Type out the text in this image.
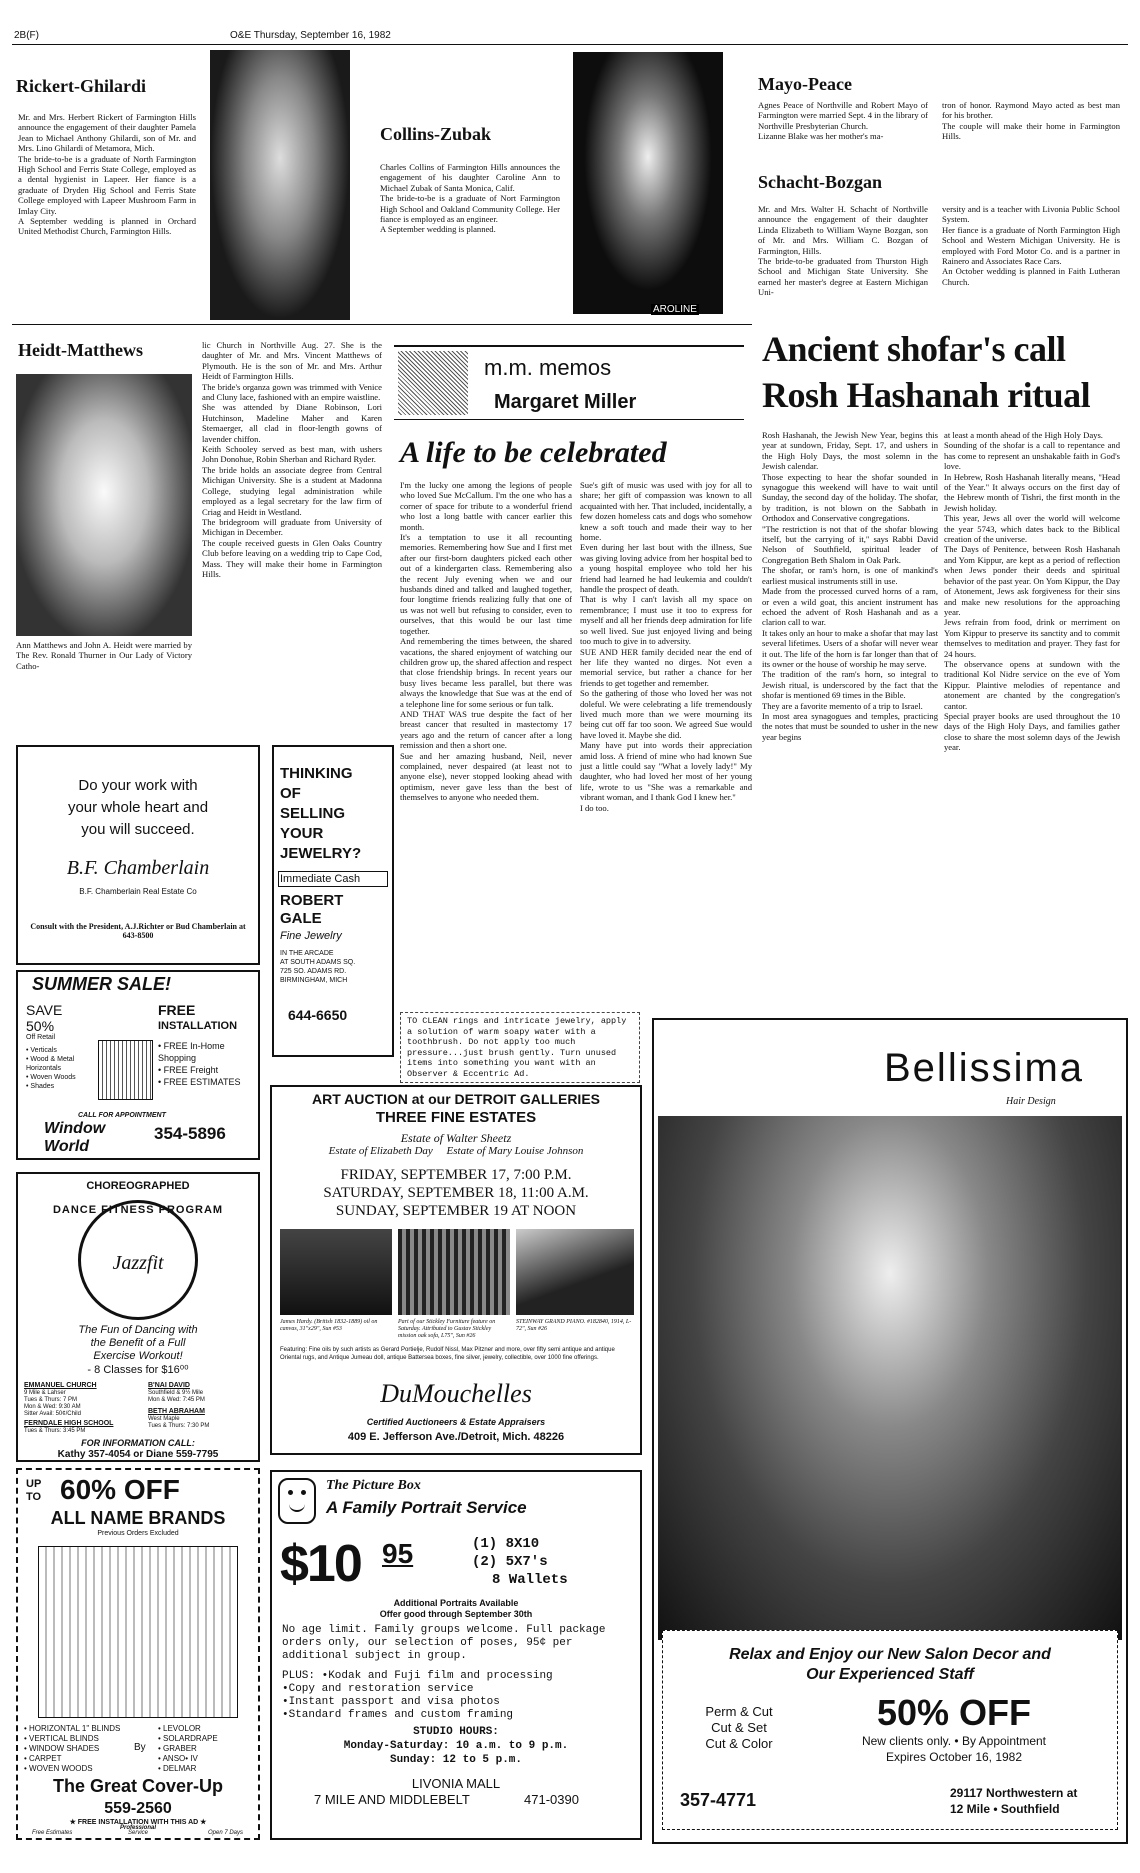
2B(F)	O&E Thursday, September 16, 1982
Rickert-Ghilardi
Mr. and Mrs. Herbert Rickert of Farmington Hills announce the engagement of their daughter Pamela Jean to Michael Anthony Ghilardi, son of Mr. and Mrs. Lino Ghilardi of Metamora, Mich.
The bride-to-be is a graduate of North Farmington High School and Ferris State College, employed as a dental hygienist in Lapeer. Her fiance is a graduate of Dryden Hig School and Ferris State College employed with Lapeer Mushroom Farm in Imlay City.
A September wedding is planned in Orchard United Methodist Church, Farmington Hills.
Collins-Zubak
Charles Collins of Farmington Hills announces the engagement of his daughter Caroline Ann to Michael Zubak of Santa Monica, Calif.
The bride-to-be is a graduate of Nort Farmington High School and Oakland Community College. Her fiance is employed as an engineer.
A September wedding is planned.
AROLINE
Mayo-Peace
Agnes Peace of Northville and Robert Mayo of Farmington were married Sept. 4 in the library of Northville Presbyterian Church.
Lizanne Blake was her mother's ma-
tron of honor. Raymond Mayo acted as best man for his brother.
The couple will make their home in Farmington Hills.
Schacht-Bozgan
Mr. and Mrs. Walter H. Schacht of Northville announce the engagement of their daughter Linda Elizabeth to William Wayne Bozgan, son of Mr. and Mrs. William C. Bozgan of Farmington, Hills.
The bride-to-be graduated from Thurston High School and Michigan State University. She earned her master's degree at Eastern Michigan Uni-
versity and is a teacher with Livonia Public School System.
Her fiance is a graduate of North Farmington High School and Western Michigan University. He is employed with Ford Motor Co. and is a partner in Rainero and Associates Race Cars.
An October wedding is planned in Faith Lutheran Church.
Heidt-Matthews
Ann Matthews and John A. Heidt were married by The Rev. Ronald Thurner in Our Lady of Victory Catho-
lic Church in Northville Aug. 27. She is the daughter of Mr. and Mrs. Vincent Matthews of Plymouth. He is the son of Mr. and Mrs. Arthur Heidt of Farmington Hills.
The bride's organza gown was trimmed with Venice and Cluny lace, fashioned with an empire waistline.
She was attended by Diane Robinson, Lori Hutchinson, Madeline Maher and Karen Stemaerger, all clad in floor-length gowns of lavender chiffon.
Keith Schooley served as best man, with ushers John Donohue, Robin Sherban and Richard Ryder.
The bride holds an associate degree from Central Michigan University. She is a student at Madonna College, studying legal administration while employed as a legal secretary for the law firm of Criag and Heidt in Westland.
The bridegroom will graduate from University of Michigan in December.
The couple received guests in Glen Oaks Country Club before leaving on a wedding trip to Cape Cod, Mass. They will make their home in Farmington Hills.
m.m. memos
Margaret Miller
A life to be celebrated
I'm the lucky one among the legions of people who loved Sue McCallum. I'm the one who has a corner of space for tribute to a wonderful friend who lost a long battle with cancer earlier this month.
It's a temptation to use it all recounting memories. Remembering how Sue and I first met after our first-born daughters picked each other out of a kindergarten class. Remembering also the recent July evening when we and our husbands dined and talked and laughed together, four longtime friends realizing fully that one of us was not well but refusing to consider, even to ourselves, that this would be our last time together.
And remembering the times between, the shared vacations, the shared enjoyment of watching our children grow up, the shared affection and respect that close friendship brings. In recent years our busy lives became less parallel, but there was always the knowledge that Sue was at the end of a telephone line for some serious or fun talk.
AND THAT WAS true despite the fact of her breast cancer that resulted in mastectomy 17 years ago and the return of cancer after a long remission and then a short one.
Sue and her amazing husband, Neil, never complained, never despaired (at least not to anyone else), never stopped looking ahead with optimism, never gave less than the best of themselves to anyone who needed them.
Sue's gift of music was used with joy for all to share; her gift of compassion was known to all acquainted with her. That included, incidentally, a few dozen homeless cats and dogs who somehow knew a soft touch and made their way to her home.
Even during her last bout with the illness, Sue was giving loving advice from her hospital bed to a young hospital employee who told her his friend had learned he had leukemia and couldn't handle the prospect of death.
That is why I can't lavish all my space on remembrance; I must use it too to express for myself and all her friends deep admiration for life so well lived. Sue just enjoyed living and being too much to give in to adversity.
SUE AND HER family decided near the end of her life they wanted no dirges. Not even a memorial service, but rather a chance for her friends to get together and remember.
So the gathering of those who loved her was not doleful. We were celebrating a life tremendously lived much more than we were mourning its being cut off far too soon. We agreed Sue would have loved it. Maybe she did.
Many have put into words their appreciation amid loss. A friend of mine who had known Sue just a little could say "What a lovely lady!" My daughter, who had loved her most of her young life, wrote to us "She was a remarkable and vibrant woman, and I thank God I knew her."
I do too.
Ancient shofar's call
Rosh Hashanah ritual
Rosh Hashanah, the Jewish New Year, begins this year at sundown, Friday, Sept. 17, and ushers in the High Holy Days, the most solemn in the Jewish calendar.
Those expecting to hear the shofar sounded in synagogue this weekend will have to wait until Sunday, the second day of the holiday. The shofar, by tradition, is not blown on the Sabbath in Orthodox and Conservative congregations.
"The restriction is not that of the shofar blowing itself, but the carrying of it," says Rabbi David Nelson of Southfield, spiritual leader of Congregation Beth Shalom in Oak Park.
The shofar, or ram's horn, is one of mankind's earliest musical instruments still in use.
Made from the processed curved horns of a ram, or even a wild goat, this ancient instrument has echoed the advent of Rosh Hashanah and as a clarion call to war.
It takes only an hour to make a shofar that may last several lifetimes. Users of a shofar will never wear it out. The life of the horn is far longer than that of its owner or the house of worship he may serve.
The tradition of the ram's horn, so integral to Jewish ritual, is underscored by the fact that the shofar is mentioned 69 times in the Bible.
They are a favorite memento of a trip to Israel.
In most area synagogues and temples, practicing the notes that must be sounded to usher in the new year begins
at least a month ahead of the High Holy Days.
Sounding of the shofar is a call to repentance and has come to represent an unshakable faith in God's love.
In Hebrew, Rosh Hashanah literally means, "Head of the Year." It always occurs on the first day of the Hebrew month of Tishri, the first month in the Jewish holiday.
This year, Jews all over the world will welcome the year 5743, which dates back to the Biblical creation of the universe.
The Days of Penitence, between Rosh Hashanah and Yom Kippur, are kept as a period of reflection when Jews ponder their deeds and spiritual behavior of the past year. On Yom Kippur, the Day of Atonement, Jews ask forgiveness for their sins and make new resolutions for the approaching year.
Jews refrain from food, drink or merriment on Yom Kippur to preserve its sanctity and to commit themselves to meditation and prayer. They fast for 24 hours.
The observance opens at sundown with the traditional Kol Nidre service on the eve of Yom Kippur. Plaintive melodies of repentance and atonement are chanted by the congregation's cantor.
Special prayer books are used throughout the 10 days of the High Holy Days, and families gather close to share the most solemn days of the Jewish year.
Do your work with
your whole heart and
you will succeed.
B.F. Chamberlain
B.F. Chamberlain Real Estate Co
Consult with the President, A.J.Richter or Bud Chamberlain at 643-8500
THINKING
OF
SELLING
YOUR
JEWELRY?
Immediate Cash
ROBERT
GALE
Fine Jewelry
IN THE ARCADE
AT SOUTH ADAMS SQ.
725 SO. ADAMS RD.
BIRMINGHAM, MICH
644-6650
SUMMER SALE!
SAVE
50%
Off Retail
FREE
INSTALLATION
• Verticals
• Wood & Metal Horizontals
• Woven Woods
• Shades
• FREE In-Home Shopping
• FREE Freight
• FREE ESTIMATES
CALL FOR APPOINTMENT
Window
World
354-5896
TO CLEAN rings and intricate jewelry, apply a solution of warm soapy water with a toothbrush. Do not apply too much pressure...just brush gently. Turn unused items into something you want with an Observer & Eccentric Ad.
ART AUCTION at our DETROIT GALLERIES
THREE FINE ESTATES
Estate of Walter Sheetz
Estate of Elizabeth Day     Estate of Mary Louise Johnson
FRIDAY, SEPTEMBER 17, 7:00 P.M.
SATURDAY, SEPTEMBER 18, 11:00 A.M.
SUNDAY, SEPTEMBER 19 AT NOON
James Hardy. (British 1832-1889) oil on canvas, 31"x29", Sun #53
Part of our Stickley Furniture feature on Saturday. Attributed to Gustav Stickley mission oak sofa, L75", Sun #26
STEINWAY GRAND PIANO. #182840, 1914, L-72", Sun #26
Featuring: Fine oils by such artists as Gerard Portielje, Rudolf Nissl, Max Pitzner and more, over fifty semi antique and antique Oriental rugs, and Antique Jumeau doll, antique Battersea boxes, fine silver, jewelry, collectible, over 1000 fine offerings.
DuMouchelles
Certified Auctioneers & Estate Appraisers
409 E. Jefferson Ave./Detroit, Mich. 48226
CHOREOGRAPHED
DANCE FITNESS PROGRAM
Jazzfit
The Fun of Dancing with
the Benefit of a Full
Exercise Workout!
- 8 Classes for $16⁰⁰
EMMANUEL CHURCH
9 Mile & Lahser
Tues & Thurs: 7 PM
Mon & Wed: 9:30 AM
Sitter Avail: 50¢/Child
B'NAI DAVID
Southfield & 9½ Mile
Mon & Wed: 7:45 PM
BETH ABRAHAM
West Maple
Tues & Thurs: 7:30 PM
FERNDALE HIGH SCHOOL
Tues & Thurs: 3:45 PM
FOR INFORMATION CALL:
Kathy 357-4054 or Diane 559-7795
UP TO 60% OFF
ALL NAME BRANDS
Previous Orders Excluded
• HORIZONTAL 1" BLINDS
• VERTICAL BLINDS
• WINDOW SHADES
• CARPET
• WOVEN WOODS
By
• LEVOLOR
• SOLARDRAPE
• GRABER
• ANSO• IV
• DELMAR
The Great Cover-Up
559-2560
★ FREE INSTALLATION WITH THIS AD ★
Professional
Free Estimates	Service	Open 7 Days
The Picture Box
A Family Portrait Service
$10 95	(1) 8X10
(2) 5X7's
8 Wallets
Additional Portraits Available
Offer good through September 30th
No age limit. Family groups welcome. Full package orders only, our selection of poses, 95¢ per additional subject in group.
PLUS: •Kodak and Fuji film and processing
•Copy and restoration service
•Instant passport and visa photos
•Standard frames and custom framing
STUDIO HOURS:
Monday-Saturday: 10 a.m. to 9 p.m.
Sunday: 12 to 5 p.m.
LIVONIA MALL
7 MILE AND MIDDLEBELT	471-0390
Bellissima
Hair Design
Relax and Enjoy our New Salon Decor and
Our Experienced Staff
Perm & Cut
Cut & Set
Cut & Color
50% OFF
New clients only. • By Appointment
Expires October 16, 1982
357-4771	29117 Northwestern at
12 Mile • Southfield
